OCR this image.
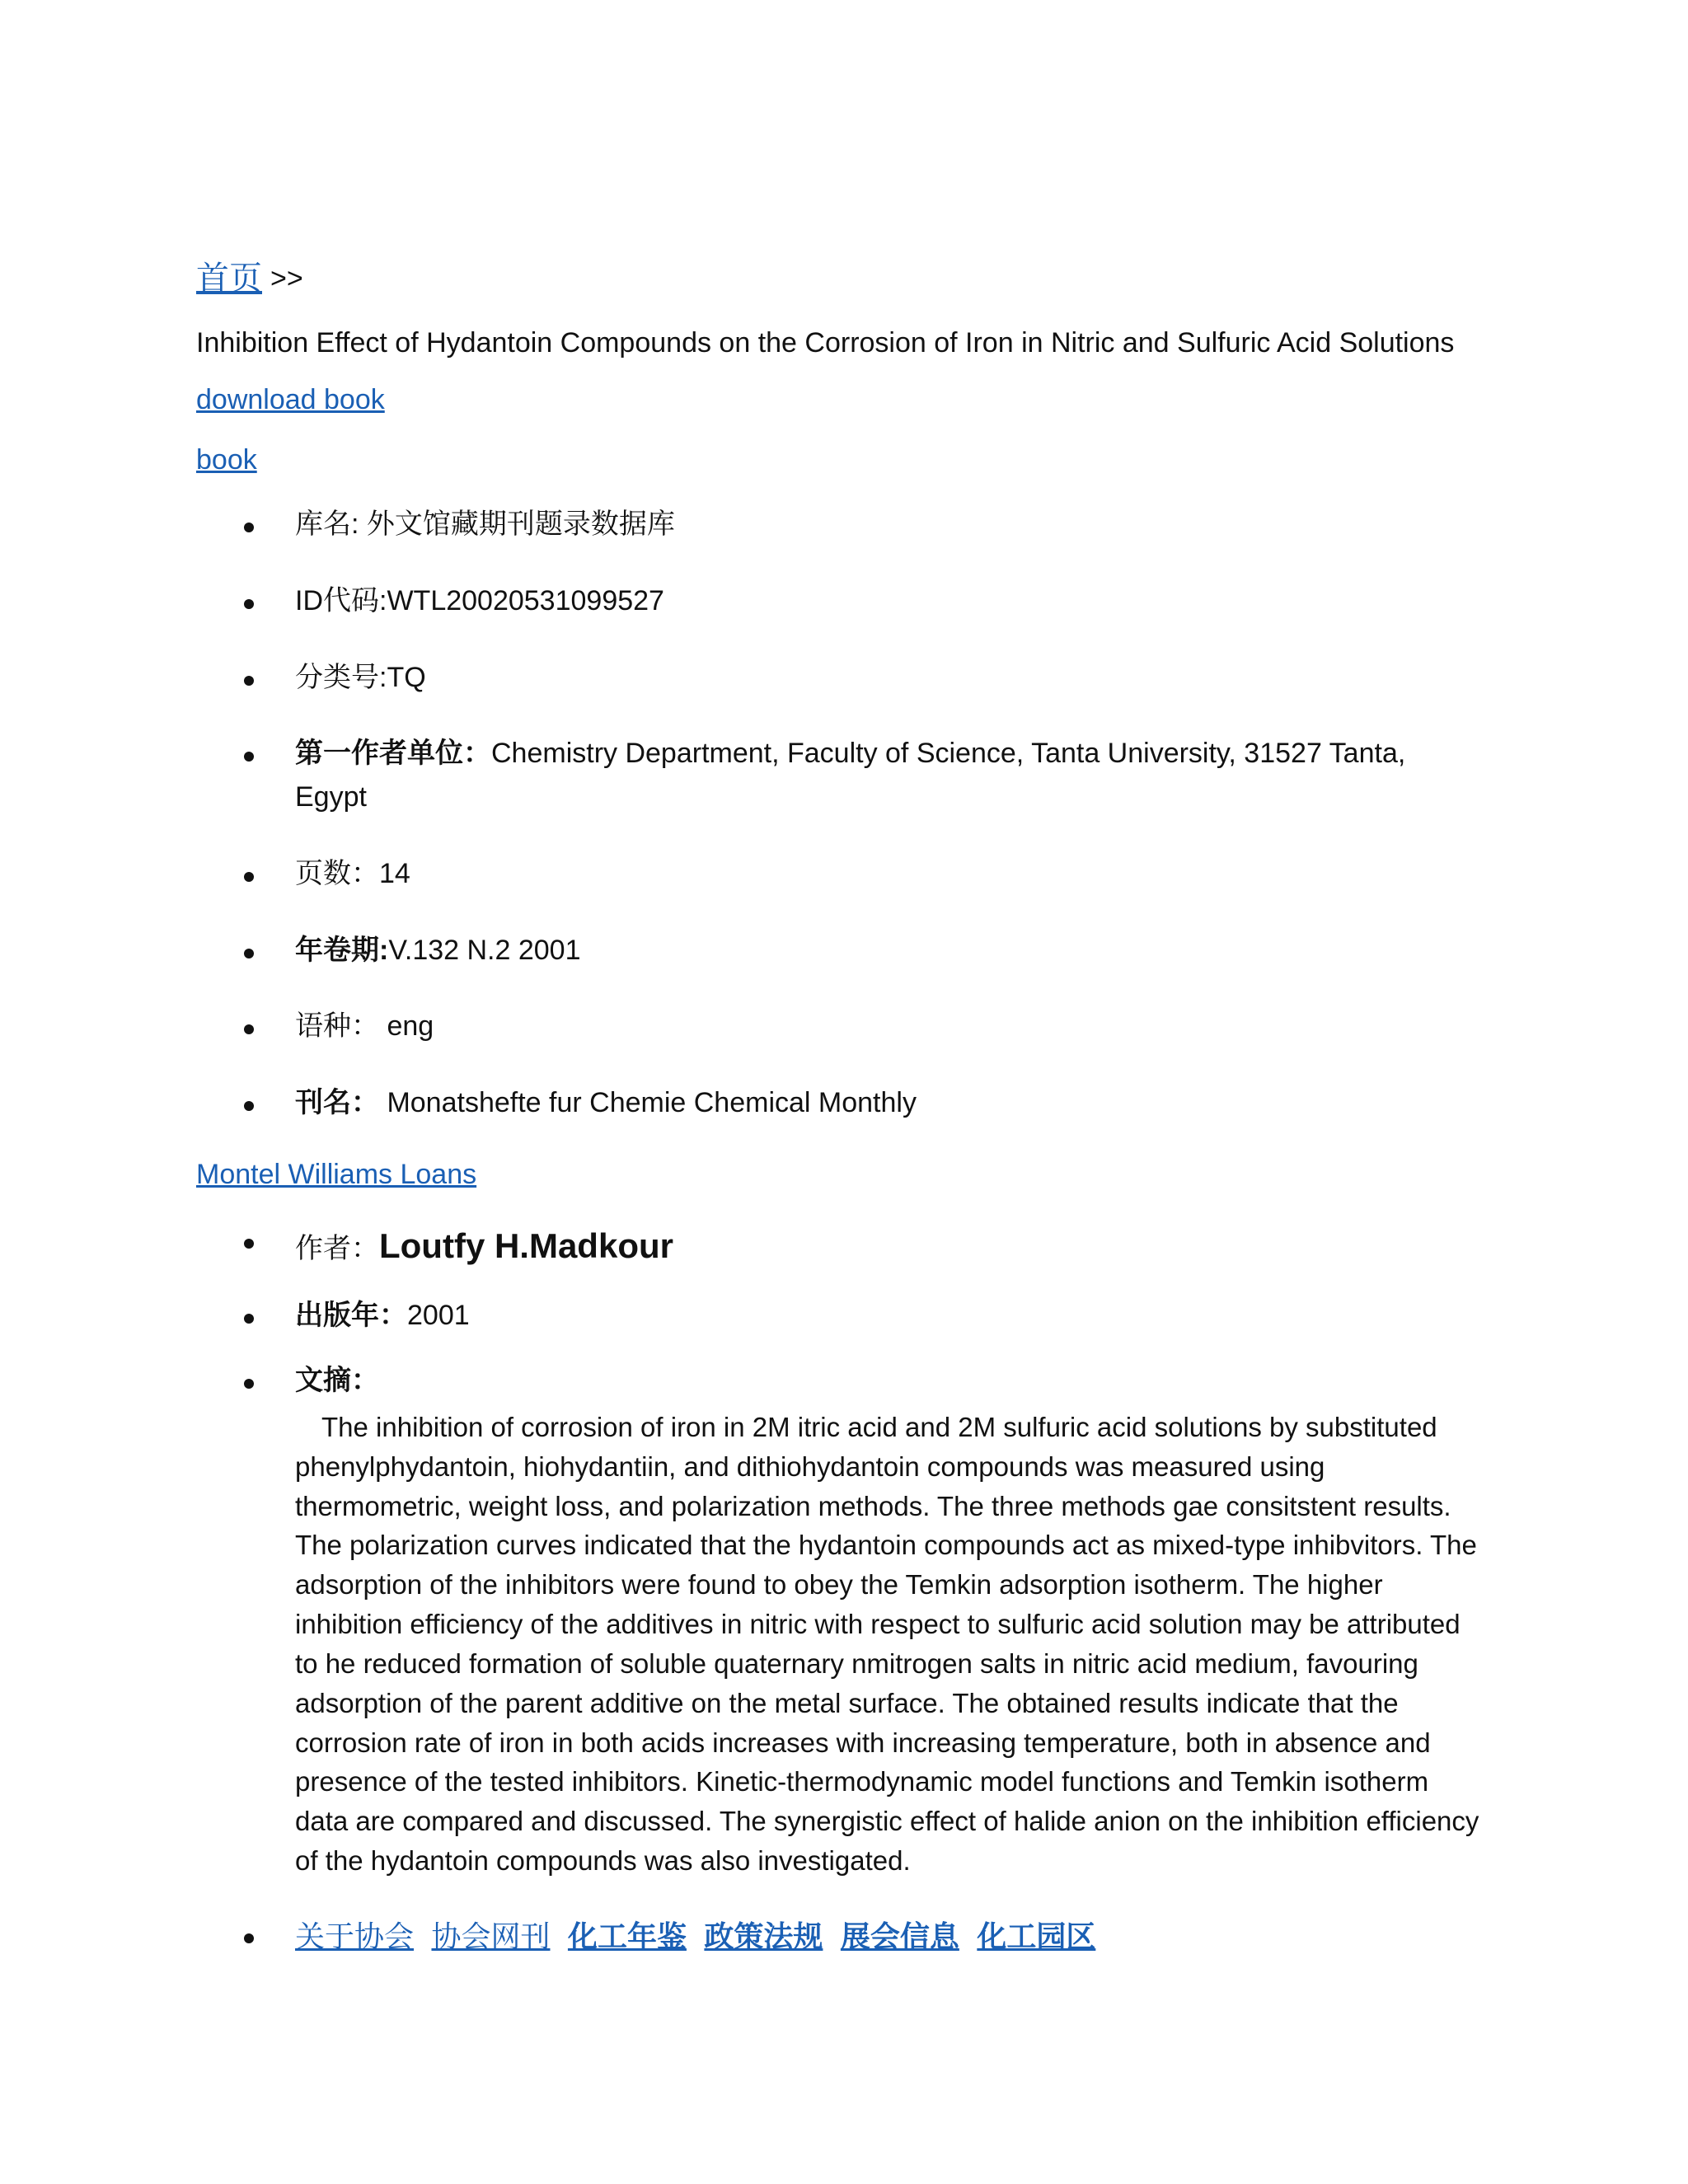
首页 >>
Inhibition Effect of Hydantoin Compounds on the Corrosion of Iron in Nitric and Sulfuric Acid Solutions
download book
book
库名: 外文馆藏期刊题录数据库
ID代码:WTL20020531099527
分类号:TQ
第一作者单位：Chemistry Department, Faculty of Science, Tanta University, 31527 Tanta, Egypt
页数：14
年卷期:V.132 N.2 2001
语种： eng
刊名： Monatshefte fur Chemie Chemical Monthly
Montel Williams Loans
作者：Loutfy H.Madkour
出版年：2001
文摘：
The inhibition of corrosion of iron in 2M itric acid and 2M sulfuric acid solutions by substituted phenylphydantoin, hiohydantiin, and dithiohydantoin compounds was measured using thermometric, weight loss, and polarization methods. The three methods gae consitstent results. The polarization curves indicated that the hydantoin compounds act as mixed-type inhibvitors. The adsorption of the inhibitors were found to obey the Temkin adsorption isotherm. The higher inhibition efficiency of the additives in nitric with respect to sulfuric acid solution may be attributed to he reduced formation of soluble quaternary nmitrogen salts in nitric acid medium, favouring adsorption of the parent additive on the metal surface. The obtained results indicate that the corrosion rate of iron in both acids increases with increasing temperature, both in absence and presence of the tested inhibitors. Kinetic-thermodynamic model functions and Temkin isotherm data are compared and discussed. The synergistic effect of halide anion on the inhibition efficiency of the hydantoin compounds was also investigated.
关于协会 协会网刊 化工年鉴 政策法规 展会信息 化工园区
